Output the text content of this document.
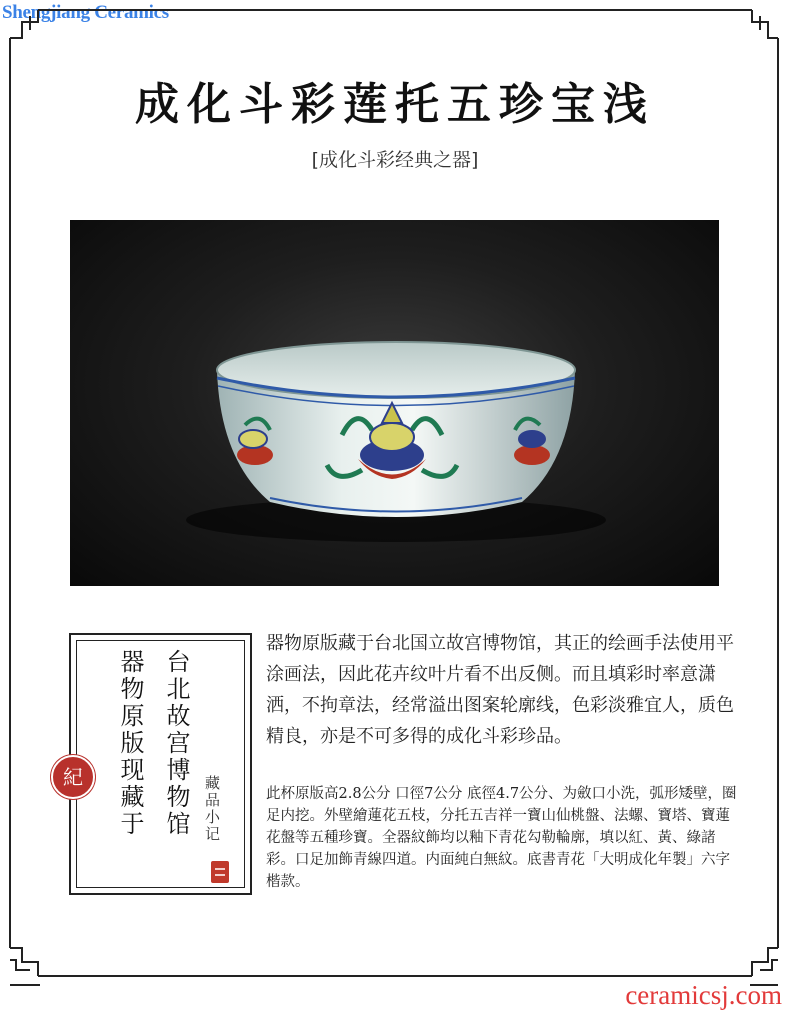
Shengjiang Ceramics
成化斗彩莲托五珍宝浅
[成化斗彩经典之器]
台北故宫博物馆
器物原版现藏于	藏品小记
紀
器物原版藏于台北国立故宫博物馆，其正的绘画手法使用平涂画法，因此花卉纹叶片看不出反侧。而且填彩时率意潇洒，不拘章法，经常溢出图案轮廓线，色彩淡雅宜人，质色精良，亦是不可多得的成化斗彩珍品。
此杯原版高2.8公分 口徑7公分 底徑4.7公分、为斂口小洗，弧形矮壁，圈足内挖。外壁繪蓮花五枝，分托五吉祥一寶山仙桃盤、法螺、寶塔、寶蓮花盤等五種珍寶。全器紋飾均以釉下青花勾勒輪廓，填以紅、黃、綠諸彩。口足加飾青線四道。内面純白無紋。底書青花「大明成化年製」六字楷款。
ceramicsj.com
